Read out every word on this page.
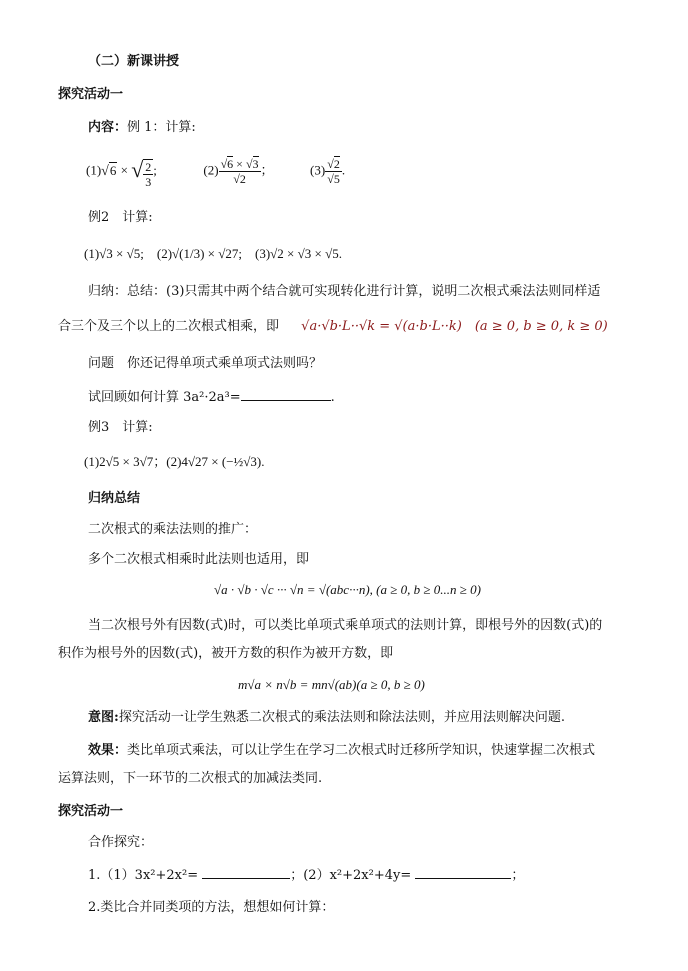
（二）新课讲授
探究活动一
内容：例 1：计算:
(1)√6 × √ $\frac{2}{3}$ ;	$(2) \frac{√6 \times √3}{√2}$ ；	$(3) \frac{√2}{√5}$ .
例2　计算:
(1)√3 × √5;　(2)√(1/3) × √27;　(3)√2 × √3 × √5.
归纳：总结：(3)只需其中两个结合就可实现转化进行计算，说明二次根式乘法法则同样适
合三个及三个以上的二次根式相乘，即 √a·√b·L··√k = √(a·b·L··k)　(a ≥ 0, b ≥ 0, k ≥ 0)
问题　你还记得单项式乘单项式法则吗？
试回顾如何计算 3a²·2a³=	.
例3　计算:
(1)2√5 × 3√7；(2)4√27 × (−½√3).
归纳总结
二次根式的乘法法则的推广：
多个二次根式相乘时此法则也适用，即
√a · √b · √c ··· √n = √(abc···n), (a ≥ 0, b ≥ 0...n ≥ 0)
当二次根号外有因数(式)时，可以类比单项式乘单项式的法则计算，即根号外的因数(式)的
积作为根号外的因数(式)，被开方数的积作为被开方数，即
m√a × n√b = mn√(ab)(a ≥ 0, b ≥ 0)
意图:探究活动一让学生熟悉二次根式的乘法法则和除法法则，并应用法则解决问题.
效果：类比单项式乘法，可以让学生在学习二次根式时迁移所学知识，快速掌握二次根式
运算法则，下一环节的二次根式的加减法类同.
探究活动一
合作探究：
1.（1）3x²+2x²=	；(2）x²+2x²+4y=	；
2.类比合并同类项的方法，想想如何计算：
